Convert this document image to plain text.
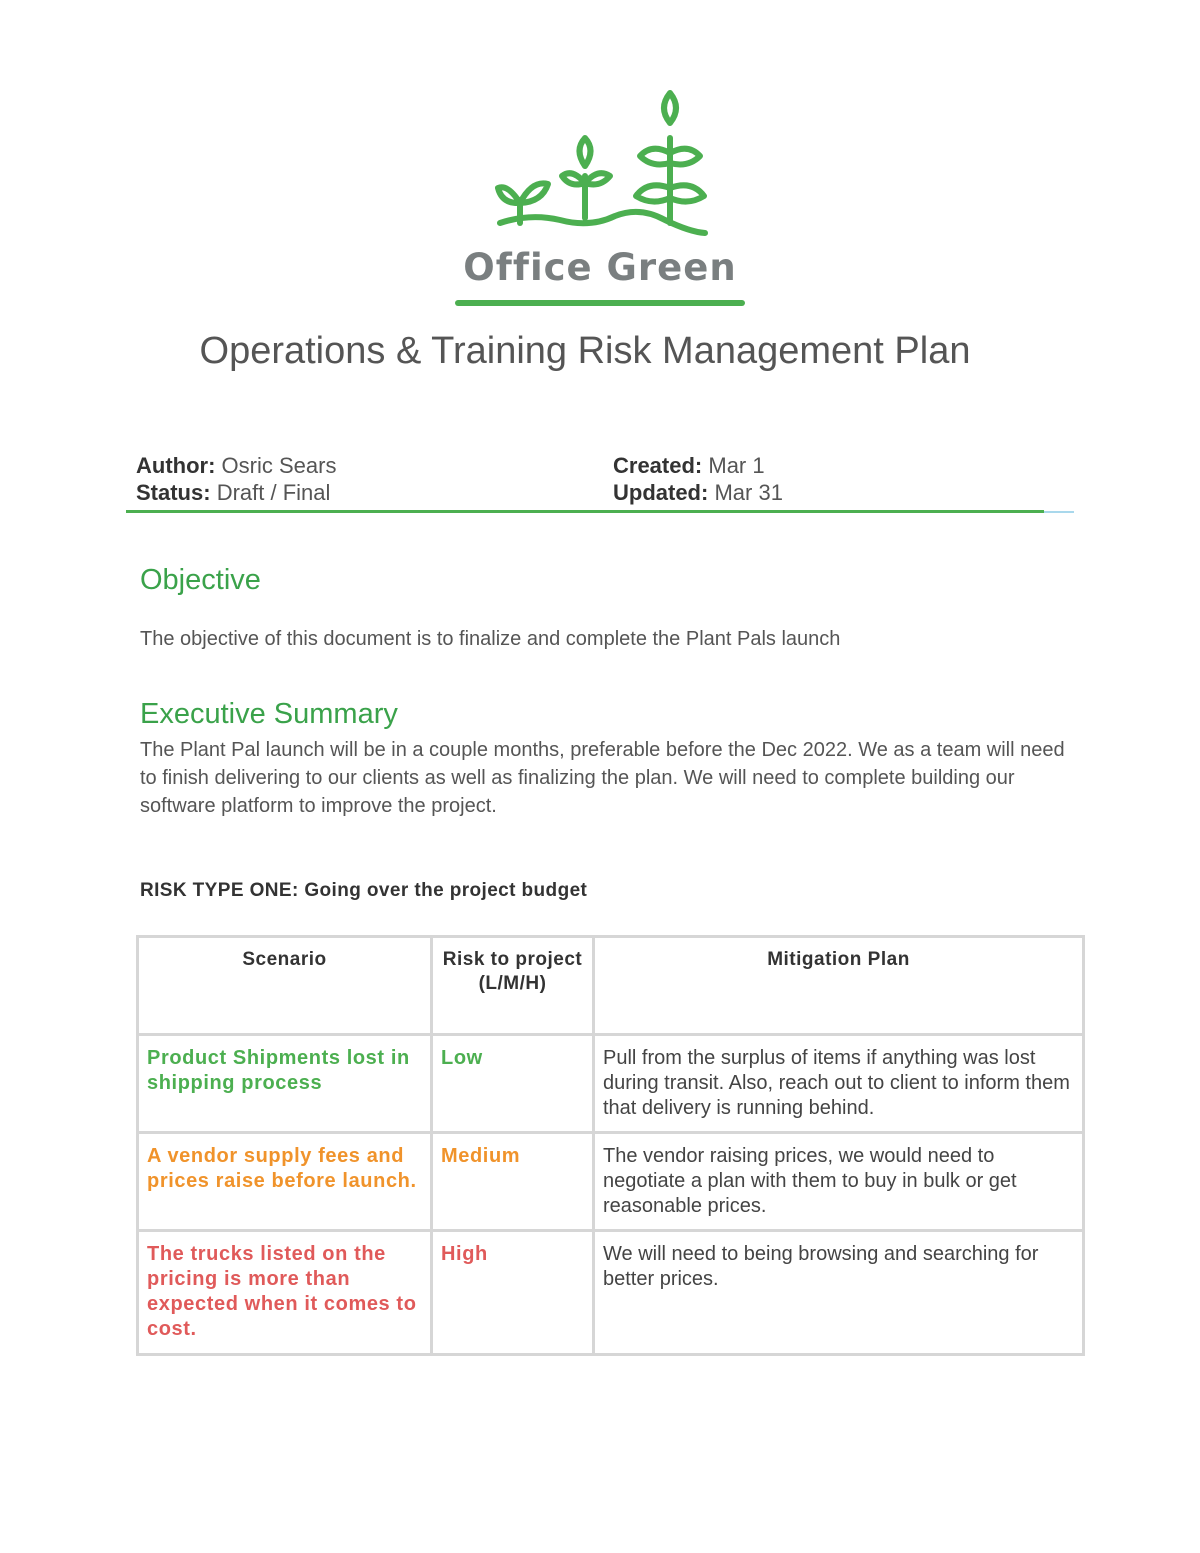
Office Green
Operations & Training Risk Management Plan
Author: Osric Sears
Status: Draft / Final
Created: Mar 1
Updated: Mar 31
Objective

The objective of this document is to finalize and complete the Plant Pals launch

Executive Summary

The Plant Pal launch will be in a couple months, preferable before the Dec 2022. We as a team will need to finish delivering to our clients as well as finalizing the plan. We will need to complete building our software platform to improve the project.

RISK TYPE ONE: Going over the project budget
Scenario	Risk to project (L/M/H)	Mitigation Plan
Product Shipments lost in shipping process	Low	Pull from the surplus of items if anything was lost during transit. Also, reach out to client to inform them that delivery is running behind.
A vendor supply fees and prices raise before launch.	Medium	The vendor raising prices, we would need to negotiate a plan with them to buy in bulk or get reasonable prices.
The trucks listed on the pricing is more than expected when it comes to cost.	High	We will need to being browsing and searching for better prices.
